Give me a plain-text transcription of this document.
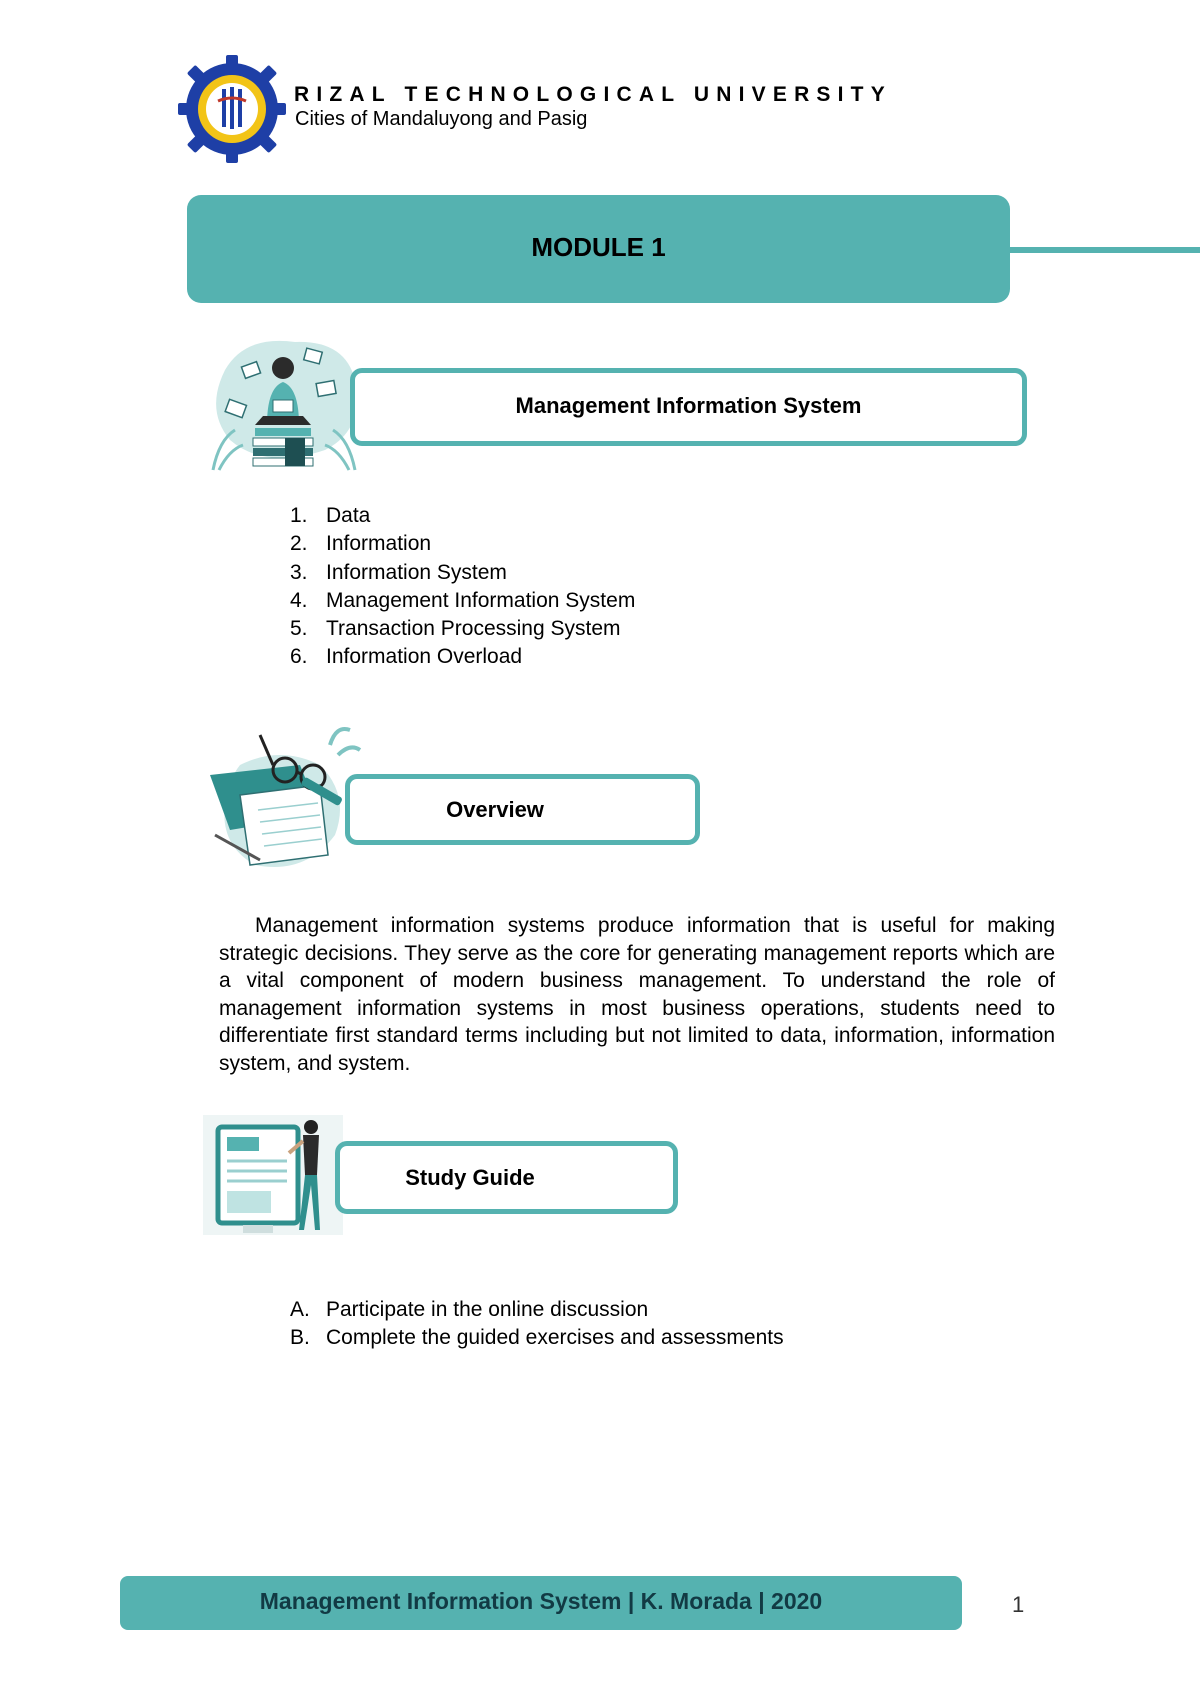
RIZAL TECHNOLOGICAL UNIVERSITY
Cities of Mandaluyong and Pasig
MODULE 1
Management Information System
1. Data
2. Information
3. Information System
4. Management Information System
5. Transaction Processing System
6. Information Overload
Overview
Management information systems produce information that is useful for making strategic decisions. They serve as the core for generating management reports which are a vital component of modern business management. To understand the role of management information systems in most business operations, students need to differentiate first standard terms including but not limited to data, information, information system, and system.
Study Guide
A. Participate in the online discussion
B. Complete the guided exercises and assessments
Management Information System | K. Morada | 2020	1
